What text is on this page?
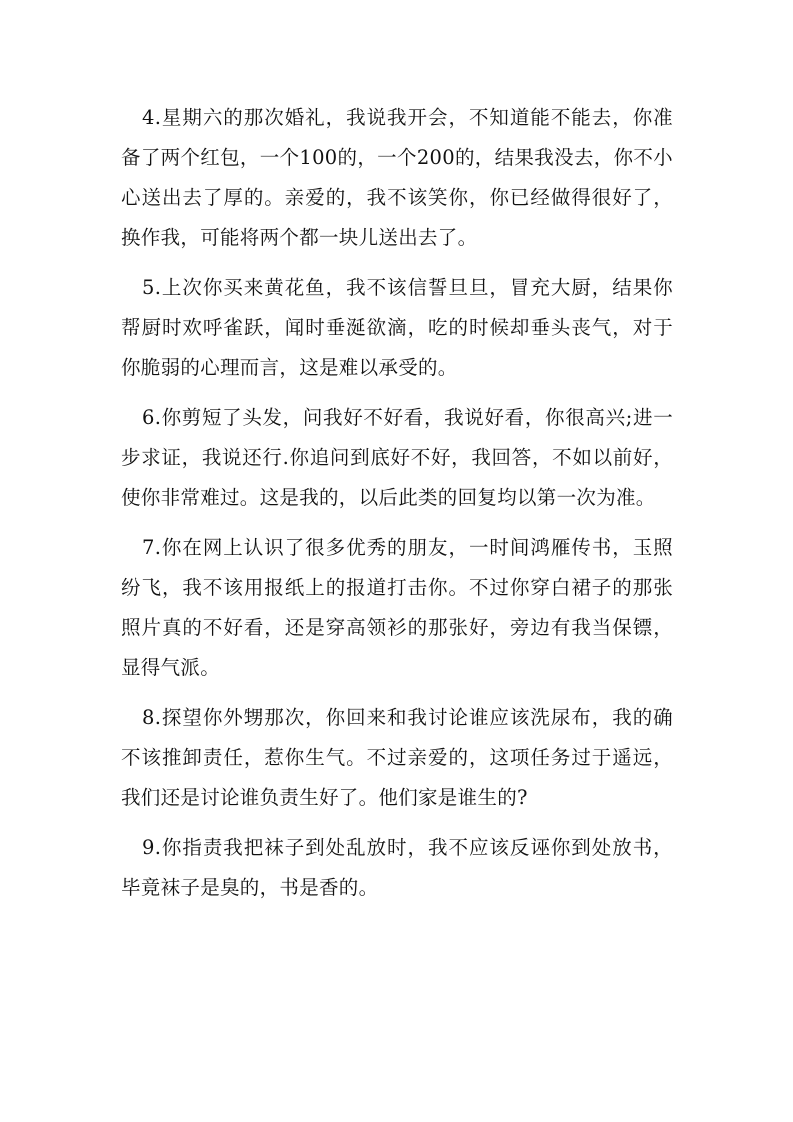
4.星期六的那次婚礼，我说我开会，不知道能不能去，你准备了两个红包，一个100的，一个200的，结果我没去，你不小心送出去了厚的。亲爱的，我不该笑你，你已经做得很好了，换作我，可能将两个都一块儿送出去了。

5.上次你买来黄花鱼，我不该信誓旦旦，冒充大厨，结果你帮厨时欢呼雀跃，闻时垂涎欲滴，吃的时候却垂头丧气，对于你脆弱的心理而言，这是难以承受的。

6.你剪短了头发，问我好不好看，我说好看，你很高兴;进一步求证，我说还行.你追问到底好不好，我回答，不如以前好，使你非常难过。这是我的，以后此类的回复均以第一次为准。

7.你在网上认识了很多优秀的朋友，一时间鸿雁传书，玉照纷飞，我不该用报纸上的报道打击你。不过你穿白裙子的那张照片真的不好看，还是穿高领衫的那张好，旁边有我当保镖，显得气派。

8.探望你外甥那次，你回来和我讨论谁应该洗尿布，我的确不该推卸责任，惹你生气。不过亲爱的，这项任务过于遥远，我们还是讨论谁负责生好了。他们家是谁生的?

9.你指责我把袜子到处乱放时，我不应该反诬你到处放书，毕竟袜子是臭的，书是香的。
